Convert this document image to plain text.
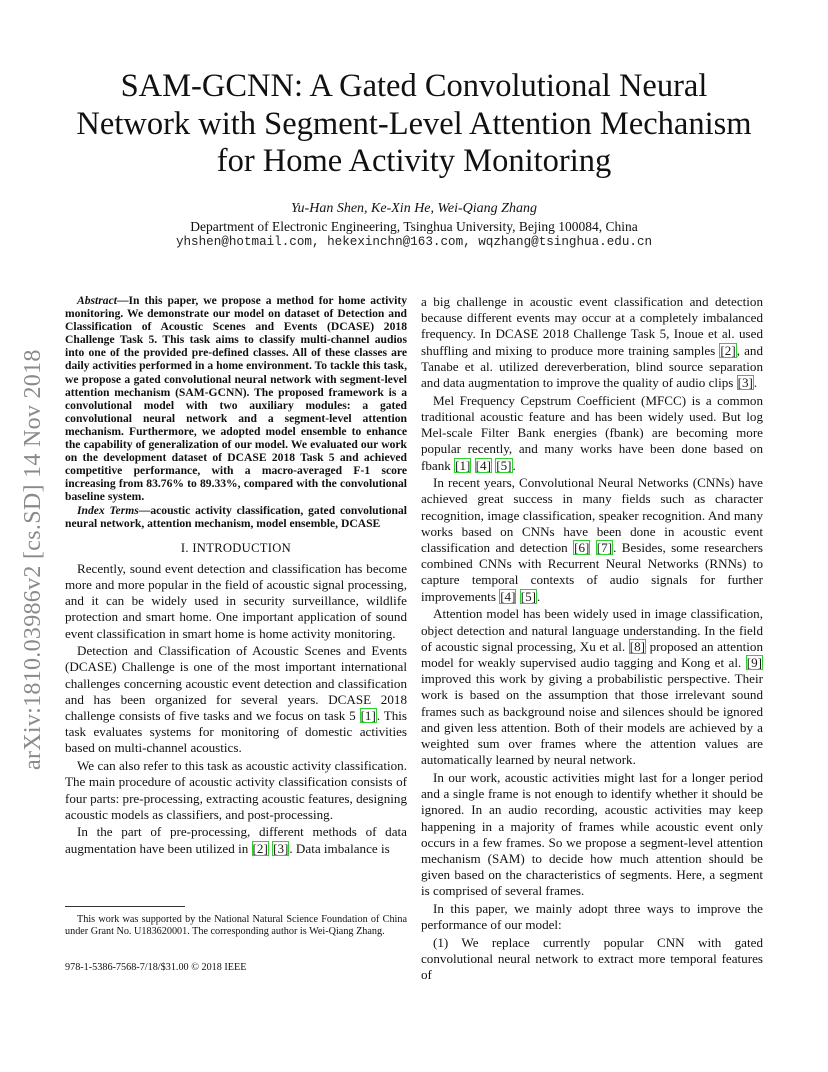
arXiv:1810.03986v2 [cs.SD] 14 Nov 2018
SAM-GCNN: A Gated Convolutional Neural
Network with Segment-Level Attention Mechanism
for Home Activity Monitoring
Yu-Han Shen, Ke-Xin He, Wei-Qiang Zhang
Department of Electronic Engineering, Tsinghua University, Bejing 100084, China
yhshen@hotmail.com, hekexinchn@163.com, wqzhang@tsinghua.edu.cn

Abstract—In this paper, we propose a method for home activity monitoring. We demonstrate our model on dataset of Detection and Classification of Acoustic Scenes and Events (DCASE) 2018 Challenge Task 5. This task aims to classify multi-channel audios into one of the provided pre-defined classes. All of these classes are daily activities performed in a home environment. To tackle this task, we propose a gated convolutional neural network with segment-level attention mechanism (SAM-GCNN). The proposed framework is a convolutional model with two auxiliary modules: a gated convolutional neural network and a segment-level attention mechanism. Furthermore, we adopted model ensemble to enhance the capability of generalization of our model. We evaluated our work on the development dataset of DCASE 2018 Task 5 and achieved competitive performance, with a macro-averaged F-1 score increasing from 83.76% to 89.33%, compared with the convolutional baseline system.

Index Terms—acoustic activity classification, gated convolutional neural network, attention mechanism, model ensemble, DCASE

I. INTRODUCTION

Recently, sound event detection and classification has become more and more popular in the field of acoustic signal processing, and it can be widely used in security surveillance, wildlife protection and smart home. One important application of sound event classification in smart home is home activity monitoring.

Detection and Classification of Acoustic Scenes and Events (DCASE) Challenge is one of the most important international challenges concerning acoustic event detection and classification and has been organized for several years. DCASE 2018 challenge consists of five tasks and we focus on task 5 [1]. This task evaluates systems for monitoring of domestic activities based on multi-channel acoustics.

We can also refer to this task as acoustic activity classification. The main procedure of acoustic activity classification consists of four parts: pre-processing, extracting acoustic features, designing acoustic models as classifiers, and post-processing.

In the part of pre-processing, different methods of data augmentation have been utilized in [2] [3]. Data imbalance is

This work was supported by the National Natural Science Foundation of China under Grant No. U183620001. The corresponding author is Wei-Qiang Zhang.
978-1-5386-7568-7/18/$31.00 © 2018 IEEE

a big challenge in acoustic event classification and detection because different events may occur at a completely imbalanced frequency. In DCASE 2018 Challenge Task 5, Inoue et al. used shuffling and mixing to produce more training samples [2], and Tanabe et al. utilized dereverberation, blind source separation and data augmentation to improve the quality of audio clips [3].

Mel Frequency Cepstrum Coefficient (MFCC) is a common traditional acoustic feature and has been widely used. But log Mel-scale Filter Bank energies (fbank) are becoming more popular recently, and many works have been done based on fbank [1] [4] [5].

In recent years, Convolutional Neural Networks (CNNs) have achieved great success in many fields such as character recognition, image classification, speaker recognition. And many works based on CNNs have been done in acoustic event classification and detection [6] [7]. Besides, some researchers combined CNNs with Recurrent Neural Networks (RNNs) to capture temporal contexts of audio signals for further improvements [4] [5].

Attention model has been widely used in image classification, object detection and natural language understanding. In the field of acoustic signal processing, Xu et al. [8] proposed an attention model for weakly supervised audio tagging and Kong et al. [9] improved this work by giving a probabilistic perspective. Their work is based on the assumption that those irrelevant sound frames such as background noise and silences should be ignored and given less attention. Both of their models are achieved by a weighted sum over frames where the attention values are automatically learned by neural network.

In our work, acoustic activities might last for a longer period and a single frame is not enough to identify whether it should be ignored. In an audio recording, acoustic activities may keep happening in a majority of frames while acoustic event only occurs in a few frames. So we propose a segment-level attention mechanism (SAM) to decide how much attention should be given based on the characteristics of segments. Here, a segment is comprised of several frames.

In this paper, we mainly adopt three ways to improve the performance of our model:

(1) We replace currently popular CNN with gated convolutional neural network to extract more temporal features of
